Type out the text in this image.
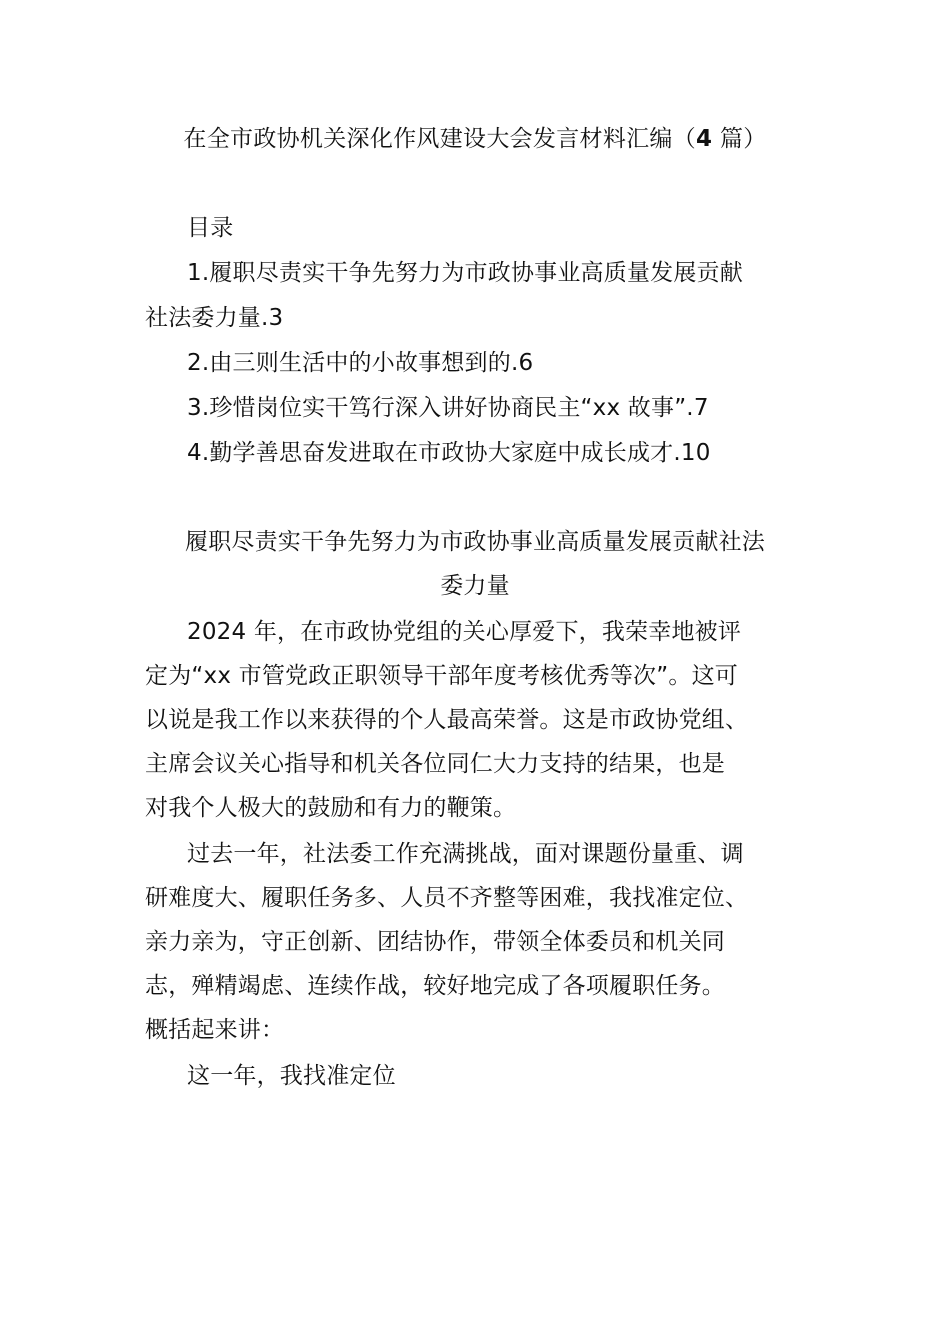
在全市政协机关深化作风建设大会发言材料汇编（4 篇）
目录
1.履职尽责实干争先努力为市政协事业高质量发展贡献
社法委力量.3
2.由三则生活中的小故事想到的.6
3.珍惜岗位实干笃行深入讲好协商民主“xx 故事”.7
4.勤学善思奋发进取在市政协大家庭中成长成才.10
履职尽责实干争先努力为市政协事业高质量发展贡献社法
委力量
2024 年，在市政协党组的关心厚爱下，我荣幸地被评
定为“xx 市管党政正职领导干部年度考核优秀等次”。这可
以说是我工作以来获得的个人最高荣誉。这是市政协党组、
主席会议关心指导和机关各位同仁大力支持的结果，也是
对我个人极大的鼓励和有力的鞭策。
过去一年，社法委工作充满挑战，面对课题份量重、调
研难度大、履职任务多、人员不齐整等困难，我找准定位、
亲力亲为，守正创新、团结协作，带领全体委员和机关同
志，殚精竭虑、连续作战，较好地完成了各项履职任务。
概括起来讲：
这一年，我找准定位
